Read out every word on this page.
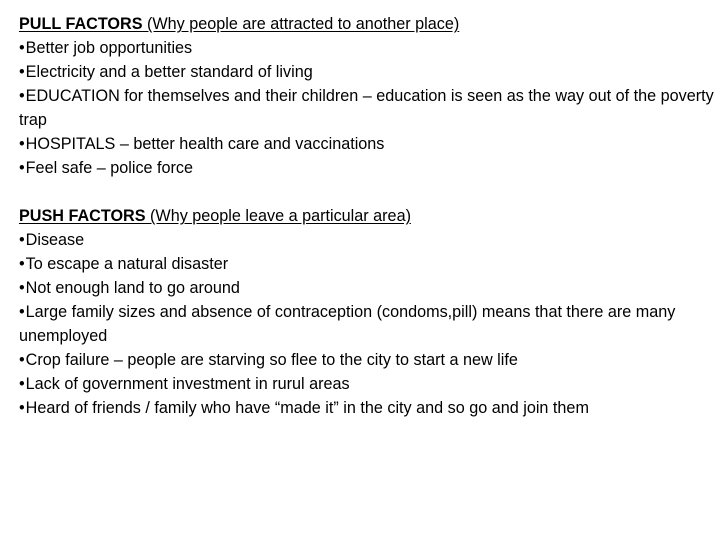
PULL FACTORS (Why people are attracted to another place)
•Better job opportunities
•Electricity and a better standard of living
•EDUCATION for themselves and their children – education is seen as the way out of the poverty trap
•HOSPITALS – better health care and vaccinations
•Feel safe – police force
PUSH FACTORS (Why people leave a particular area)
•Disease
•To escape a natural disaster
•Not enough land to go around
•Large family sizes and absence of contraception (condoms,pill) means that there are many unemployed
•Crop failure – people are starving so flee to the city to start a new life
•Lack of government investment in rurul areas
•Heard of friends / family who have “made it” in the city and so go and join them
